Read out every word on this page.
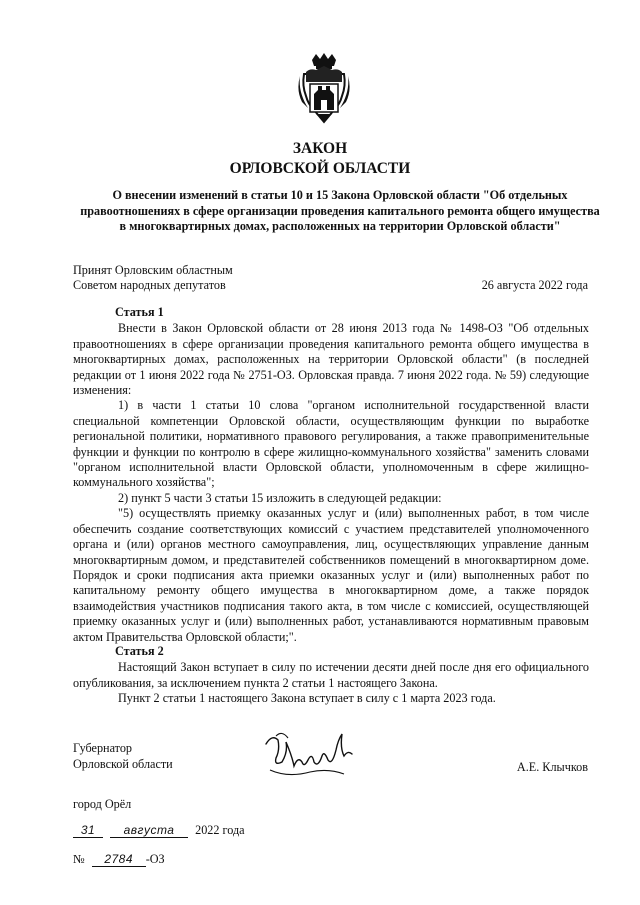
ЗАКОН
ОРЛОВСКОЙ ОБЛАСТИ
О внесении изменений в статьи 10 и 15 Закона Орловской области "Об отдельных правоотношениях в сфере организации проведения капитального ремонта общего имущества в многоквартирных домах, расположенных на территории Орловской области"
Принят Орловским областным
Советом народных депутатов	26 августа 2022 года
Статья 1

Внести в Закон Орловской области от 28 июня 2013 года № 1498-ОЗ "Об отдельных правоотношениях в сфере организации проведения капитального ремонта общего имущества в многоквартирных домах, расположенных на территории Орловской области" (в последней редакции от 1 июня 2022 года № 2751-ОЗ. Орловская правда. 7 июня 2022 года. № 59) следующие изменения:

1) в части 1 статьи 10 слова "органом исполнительной государственной власти специальной компетенции Орловской области, осуществляющим функции по выработке региональной политики, нормативного правового регулирования, а также правоприменительные функции и функции по контролю в сфере жилищно-коммунального хозяйства" заменить словами "органом исполнительной власти Орловской области, уполномоченным в сфере жилищно-коммунального хозяйства";

2) пункт 5 части 3 статьи 15 изложить в следующей редакции:

"5) осуществлять приемку оказанных услуг и (или) выполненных работ, в том числе обеспечить создание соответствующих комиссий с участием представителей уполномоченного органа и (или) органов местного самоуправления, лиц, осуществляющих управление данным многоквартирным домом, и представителей собственников помещений в многоквартирном доме. Порядок и сроки подписания акта приемки оказанных услуг и (или) выполненных работ по капитальному ремонту общего имущества в многоквартирном доме, а также порядок взаимодействия участников подписания такого акта, в том числе с комиссией, осуществляющей приемку оказанных услуг и (или) выполненных работ, устанавливаются нормативным правовым актом Правительства Орловской области;".

Статья 2

Настоящий Закон вступает в силу по истечении десяти дней после дня его официального опубликования, за исключением пункта 2 статьи 1 настоящего Закона.

Пункт 2 статьи 1 настоящего Закона вступает в силу с 1 марта 2023 года.

Губернатор
Орловской области	А.Е. Клычков
город Орёл
31 августа 2022 года
№ 2784 -ОЗ
